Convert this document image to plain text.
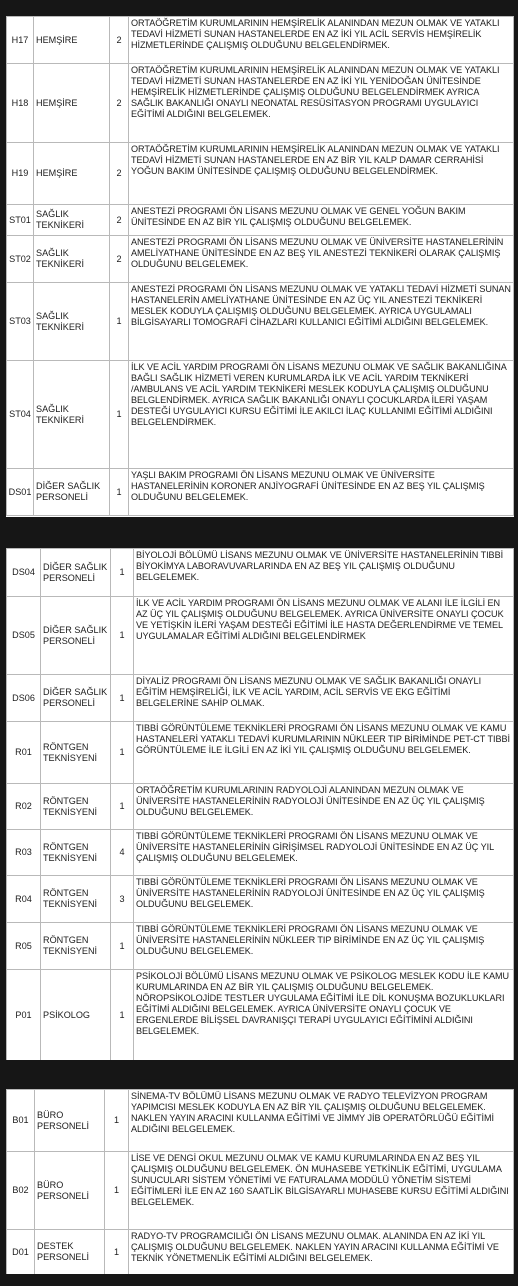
H17	HEMŞİRE	2	ORTAÖĞRETİM KURUMLARININ HEMŞİRELİK ALANINDAN MEZUN OLMAK VE YATAKLI TEDAVİ HİZMETİ SUNAN HASTANELERDE EN AZ İKİ YIL ACİL SERVİS HEMŞİRELİK HİZMETLERİNDE ÇALIŞMIŞ OLDUĞUNU BELGELENDİRMEK.
H18	HEMŞİRE	2	ORTAÖĞRETİM KURUMLARININ HEMŞİRELİK ALANINDAN MEZUN OLMAK VE YATAKLI TEDAVİ HİZMETİ SUNAN HASTANELERDE EN AZ İKİ YIL YENİDOĞAN ÜNİTESİNDE HEMŞİRELİK HİZMETLERİNDE ÇALIŞMIŞ OLDUĞUNU BELGELENDİRMEK AYRICA SAĞLIK BAKANLIĞI ONAYLI NEONATAL RESÜSİTASYON PROGRAMI UYGULAYICI EĞİTİMİ ALDIĞINI BELGELEMEK.
H19	HEMŞİRE	2	ORTAÖĞRETİM KURUMLARININ HEMŞİRELİK ALANINDAN MEZUN OLMAK VE YATAKLI TEDAVİ HİZMETİ SUNAN HASTANELERDE EN AZ BİR YIL KALP DAMAR CERRAHİSİ YOĞUN BAKIM ÜNİTESİNDE ÇALIŞMIŞ OLDUĞUNU BELGELENDİRMEK.
ST01	SAĞLIK TEKNİKERİ	2	ANESTEZİ PROGRAMI ÖN LİSANS MEZUNU OLMAK VE GENEL YOĞUN BAKIM ÜNİTESİNDE EN AZ BİR YIL ÇALIŞMIŞ OLDUĞUNU BELGELEMEK.
ST02	SAĞLIK TEKNİKERİ	2	ANESTEZİ PROGRAMI ÖN LİSANS MEZUNU OLMAK VE ÜNİVERSİTE HASTANELERİNİN AMELİYATHANE ÜNİTESİNDE EN AZ BEŞ YIL ANESTEZİ TEKNİKERİ OLARAK ÇALIŞMIŞ OLDUĞUNU BELGELEMEK.
ST03	SAĞLIK TEKNİKERİ	1	ANESTEZİ PROGRAMI ÖN LİSANS MEZUNU OLMAK VE YATAKLI TEDAVİ HİZMETİ SUNAN HASTANELERİN AMELİYATHANE ÜNİTESİNDE EN AZ ÜÇ YIL ANESTEZİ TEKNİKERİ MESLEK KODUYLA ÇALIŞMIŞ OLDUĞUNU BELGELEMEK. AYRICA UYGULAMALI BİLGİSAYARLI TOMOGRAFİ CİHAZLARI KULLANICI EĞİTİMİ ALDIĞINI BELGELEMEK.
ST04	SAĞLIK TEKNİKERİ	1	İLK VE ACİL YARDIM PROGRAMI ÖN LİSANS MEZUNU OLMAK VE SAĞLIK BAKANLIĞINA BAĞLI SAĞLIK HİZMETİ VEREN KURUMLARDA İLK VE ACİL YARDIM TEKNİKERİ /AMBULANS VE ACİL YARDIM TEKNİKERİ MESLEK KODUYLA ÇALIŞMIŞ OLDUĞUNU BELGLENDİRMEK. AYRICA SAĞLIK BAKANLIĞI ONAYLI ÇOCUKLARDA İLERİ YAŞAM DESTEĞİ UYGULAYICI KURSU EĞİTİMİ İLE AKILCI İLAÇ KULLANIMI EĞİTİMİ ALDIĞINI BELGELENDİRMEK.
DS01	DİĞER SAĞLIK PERSONELİ	1	YAŞLI BAKIM PROGRAMI ÖN LİSANS MEZUNU OLMAK VE ÜNİVERSİTE HASTANELERİNİN KORONER ANJİYOGRAFİ ÜNİTESİNDE EN AZ BEŞ YIL ÇALIŞMIŞ OLDUĞUNU BELGELEMEK.
DS04	DİĞER SAĞLIK PERSONELİ	1	BİYOLOJİ BÖLÜMÜ LİSANS MEZUNU OLMAK VE ÜNİVERSİTE HASTANELERİNİN TIBBİ BİYOKİMYA LABORAVUVARLARINDA EN AZ BEŞ YIL ÇALIŞMIŞ OLDUĞUNU BELGELEMEK.
DS05	DİĞER SAĞLIK PERSONELİ	1	İLK VE ACİL YARDIM PROGRAMI ÖN LİSANS MEZUNU OLMAK VE ALANI İLE İLGİLİ EN AZ ÜÇ YIL ÇALIŞMIŞ OLDUĞUNU BELGELEMEK. AYRICA ÜNİVERSİTE ONAYLI ÇOCUK VE YETİŞKİN İLERİ YAŞAM DESTEĞİ EĞİTİMİ İLE HASTA DEĞERLENDİRME VE TEMEL UYGULAMALAR EĞİTİMİ ALDIĞINI BELGELENDİRMEK
DS06	DİĞER SAĞLIK PERSONELİ	1	DİYALİZ PROGRAMI ÖN LİSANS MEZUNU OLMAK VE SAĞLIK BAKANLIĞI ONAYLI EĞİTİM HEMŞİRELİĞİ, İLK VE ACİL YARDIM, ACİL SERVİS VE EKG EĞİTİMİ BELGELERİNE SAHİP OLMAK.
R01	RÖNTGEN TEKNİSYENİ	1	TIBBİ GÖRÜNTÜLEME TEKNİKLERİ PROGRAMI ÖN LİSANS MEZUNU OLMAK VE KAMU HASTANELERİ YATAKLI TEDAVİ KURUMLARININ NÜKLEER TIP BİRİMİNDE PET-CT TIBBİ GÖRÜNTÜLEME İLE İLGİLİ EN AZ İKİ YIL ÇALIŞMIŞ OLDUĞUNU BELGELEMEK.
R02	RÖNTGEN TEKNİSYENİ	1	ORTAÖĞRETİM KURUMLARININ RADYOLOJİ ALANINDAN MEZUN OLMAK VE ÜNİVERSİTE HASTANELERİNİN RADYOLOJİ ÜNİTESİNDE EN AZ ÜÇ YIL ÇALIŞMIŞ OLDUĞUNU BELGELEMEK.
R03	RÖNTGEN TEKNİSYENİ	4	TIBBİ GÖRÜNTÜLEME TEKNİKLERİ PROGRAMI ÖN LİSANS MEZUNU OLMAK VE ÜNİVERSİTE HASTANELERİNİN GİRİŞİMSEL RADYOLOJİ ÜNİTESİNDE EN AZ ÜÇ YIL ÇALIŞMIŞ OLDUĞUNU BELGELEMEK.
R04	RÖNTGEN TEKNİSYENİ	3	TIBBİ GÖRÜNTÜLEME TEKNİKLERİ PROGRAMI ÖN LİSANS MEZUNU OLMAK VE ÜNİVERSİTE HASTANELERİNİN RADYOLOJİ ÜNİTESİNDE EN AZ ÜÇ YIL ÇALIŞMIŞ OLDUĞUNU BELGELEMEK.
R05	RÖNTGEN TEKNİSYENİ	1	TIBBİ GÖRÜNTÜLEME TEKNİKLERİ PROGRAMI ÖN LİSANS MEZUNU OLMAK VE ÜNİVERSİTE HASTANELERİNİN NÜKLEER TIP BİRİMİNDE EN AZ ÜÇ YIL ÇALIŞMIŞ OLDUĞUNU BELGELEMEK.
P01	PSİKOLOG	1	PSİKOLOJİ BÖLÜMÜ LİSANS MEZUNU OLMAK VE PSİKOLOG MESLEK KODU İLE KAMU KURUMLARINDA EN AZ BİR YIL ÇALIŞMIŞ OLDUĞUNU BELGELEMEK. NÖROPSİKOLOJİDE TESTLER UYGULAMA EĞİTİMİ İLE DİL KONUŞMA BOZUKLUKLARI EĞİTİMİ ALDIĞINI BELGELEMEK. AYRICA ÜNİVERSİTE ONAYLI ÇOCUK VE ERGENLERDE BİLİŞSEL DAVRANIŞÇI TERAPİ UYGULAYICI EĞİTİMİNİ ALDIĞINI BELGELEMEK.
B01	BÜRO PERSONELİ	1	SİNEMA-TV BÖLÜMÜ LİSANS MEZUNU OLMAK VE RADYO TELEVİZYON PROGRAM YAPIMCISI MESLEK KODUYLA EN AZ BİR YIL ÇALIŞMIŞ OLDUĞUNU BELGELEMEK. NAKLEN YAYIN ARACINI KULLANMA EĞİTİMİ VE JİMMY JİB OPERATÖRLÜĞÜ EĞİTİMİ ALDIĞINI BELGELEMEK.
B02	BÜRO PERSONELİ	1	LİSE VE DENGİ OKUL MEZUNU OLMAK VE KAMU KURUMLARINDA EN AZ BEŞ YIL ÇALIŞMIŞ OLDUĞUNU BELGELEMEK. ÖN MUHASEBE YETKİNLİK EĞİTİMİ, UYGULAMA SUNUCULARI SİSTEM YÖNETİMİ VE FATURALAMA MODÜLÜ YÖNETİM SİSTEMİ EĞİTİMLERİ İLE EN AZ 160 SAATLİK BİLGİSAYARLI MUHASEBE KURSU EĞİTİMİ ALDIĞINI BELGELEMEK.
D01	DESTEK PERSONELİ	1	RADYO-TV PROGRAMCILIĞI ÖN LİSANS MEZUNU OLMAK. ALANINDA EN AZ İKİ YIL ÇALIŞMIŞ OLDUĞUNU BELGELEMEK. NAKLEN YAYIN ARACINI KULLANMA EĞİTİMİ VE TEKNİK YÖNETMENLİK EĞİTİMİ ALDIĞINI BELGELEMEK.
